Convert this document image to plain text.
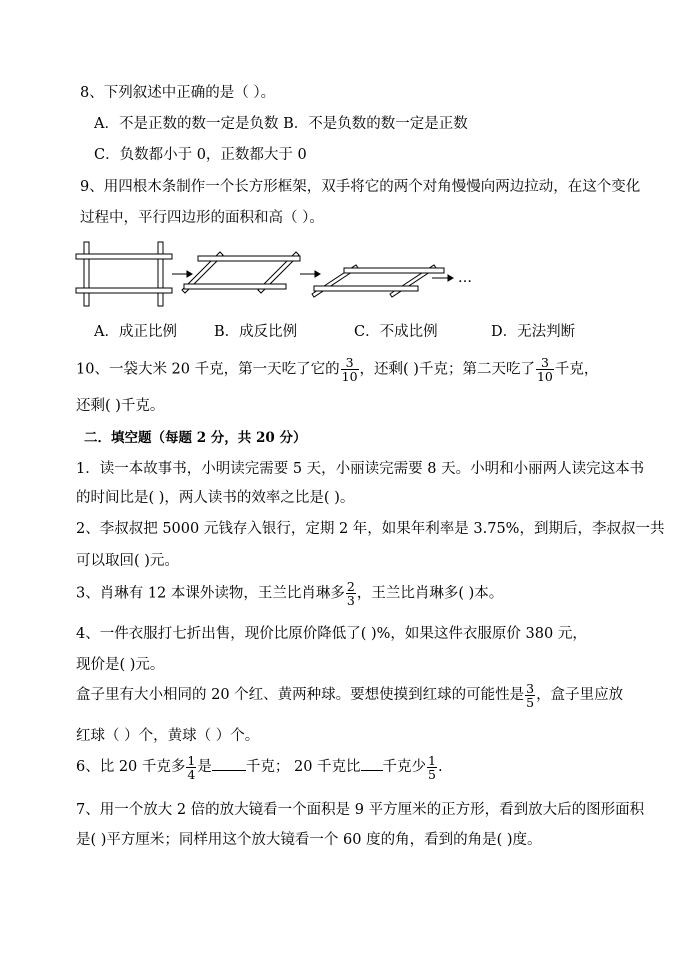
8、下列叙述中正确的是（ ）。
A．不是正数的数一定是负数 B．不是负数的数一定是正数
C．负数都小于 0，正数都大于 0
9、用四根木条制作一个长方形框架，双手将它的两个对角慢慢向两边拉动，在这个变化
过程中，平行四边形的面积和高（ ）。
…
A．成正比例	B．成反比例	C．不成比例	D．无法判断
10、一袋大米 20 千克，第一天吃了它的 $\frac{3}{10}$ ，还剩( )千克；第二天吃了 $\frac{3}{10}$ 千克，
还剩( )千克。
二．填空题（每题 2 分，共 20 分）
1．读一本故事书，小明读完需要 5 天，小丽读完需要 8 天。小明和小丽两人读完这本书
的时间比是( )，两人读书的效率之比是( )。
2、李叔叔把 5000 元钱存入银行，定期 2 年，如果年利率是 3.75%，到期后，李叔叔一共
可以取回( )元。
3、肖琳有 12 本课外读物，王兰比肖琳多 $\frac{2}{3}$ ，王兰比肖琳多( )本。
4、一件衣服打七折出售，现价比原价降低了( )%，如果这件衣服原价 380 元，
现价是( )元。
盒子里有大小相同的 20 个红、黄两种球。要想使摸到红球的可能性是 $\frac{3}{5}$ ，盒子里应放
红球（ ）个，黄球（ ）个。
6、比 20 千克多 $\frac{1}{4}$ 是 千克； 20 千克比 千克少 $\frac{1}{5}$ .
7、用一个放大 2 倍的放大镜看一个面积是 9 平方厘米的正方形，看到放大后的图形面积
是( )平方厘米；同样用这个放大镜看一个 60 度的角，看到的角是( )度。
